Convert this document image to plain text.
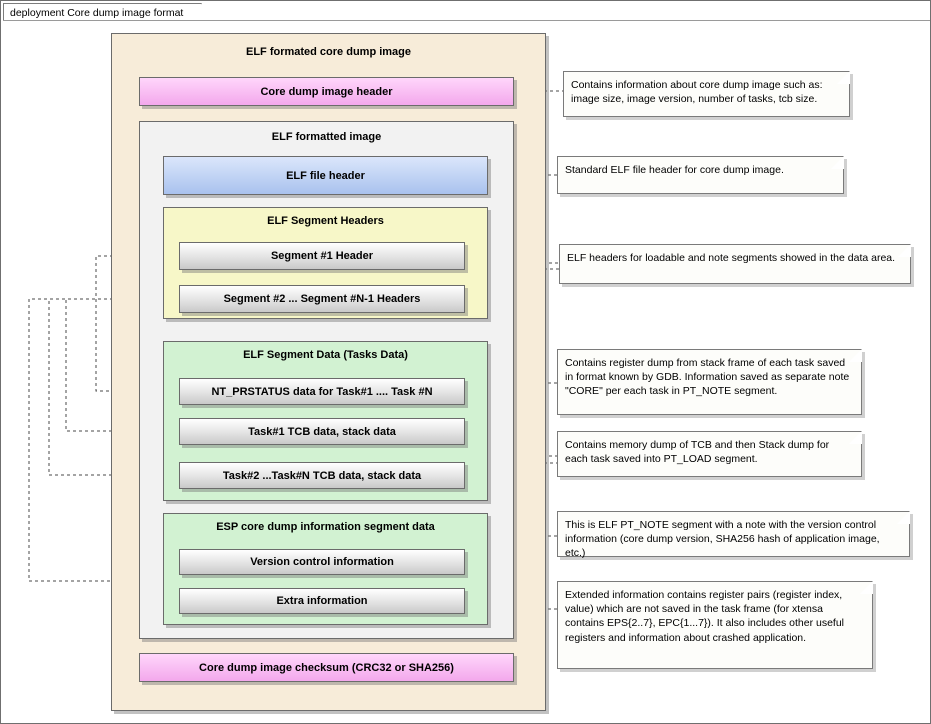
deployment Core dump image format
ELF formated core dump image
Core dump image header
ELF formatted image
ELF file header
ELF Segment Headers
Segment #1 Header
Segment #2 ... Segment #N-1 Headers
ELF Segment Data (Tasks Data)
NT_PRSTATUS data for Task#1 .... Task #N
Task#1 TCB data, stack data
Task#2 ...Task#N TCB data, stack data
ESP core dump information segment data
Version control information
Extra information
Core dump image checksum (CRC32 or SHA256)
Contains information about core dump image such as: image size, image version, number of tasks, tcb size.
Standard ELF file header for core dump image.
ELF headers for loadable and note segments showed in the data area.
Contains register dump from stack frame of each task saved in format known by GDB. Information saved as separate note "CORE" per each task in PT_NOTE segment.
Contains memory dump of TCB and then Stack dump for each task saved into PT_LOAD segment.
This is ELF PT_NOTE segment with a note with the version control information (core dump version, SHA256 hash of application image, etc.)
Extended information contains register pairs (register index, value) which are not saved in the task frame (for xtensa contains EPS{2..7}, EPC{1...7}). It also includes other useful registers and information about crashed application.
